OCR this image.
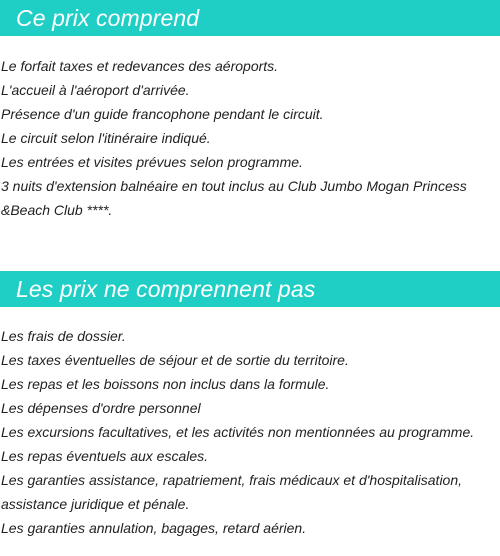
Ce prix comprend
Le forfait taxes et redevances des aéroports.
L'accueil à l'aéroport d'arrivée.
Présence d'un guide francophone pendant le circuit.
Le circuit selon l'itinéraire indiqué.
Les entrées et visites prévues selon programme.
3 nuits d'extension balnéaire en tout inclus au Club Jumbo Mogan Princess
&Beach Club ****.
Les prix ne comprennent pas
Les frais de dossier.
Les taxes éventuelles de séjour et de sortie du territoire.
Les repas et les boissons non inclus dans la formule.
Les dépenses d'ordre personnel
Les excursions facultatives, et les activités non mentionnées au programme.
Les repas éventuels aux escales.
Les garanties assistance, rapatriement, frais médicaux et d'hospitalisation,
assistance juridique et pénale.
Les garanties annulation, bagages, retard aérien.
